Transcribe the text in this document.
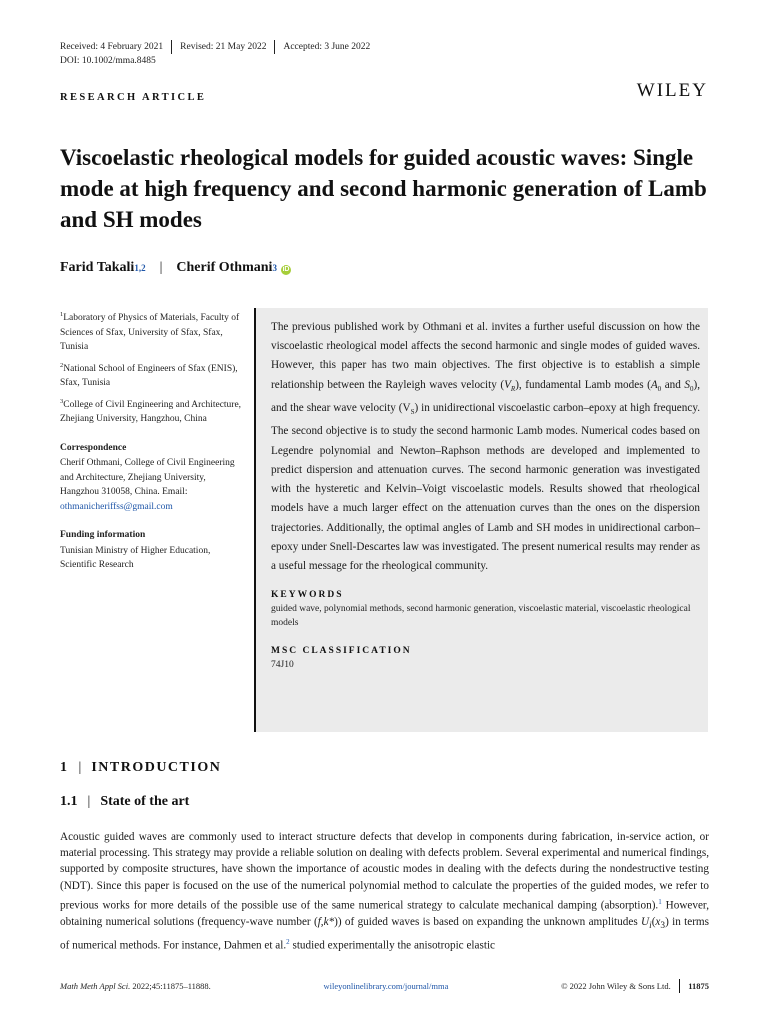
Received: 4 February 2021 Revised: 21 May 2022 Accepted: 3 June 2022
DOI: 10.1002/mma.8485
WILEY
RESEARCH ARTICLE
Viscoelastic rheological models for guided acoustic waves: Single mode at high frequency and second harmonic generation of Lamb and SH modes
Farid Takali 1,2 | Cherif Othmani 3 iD

$^1$Laboratory of Physics of Materials, Faculty of Sciences of Sfax, University of Sfax, Sfax, Tunisia

$^2$National School of Engineers of Sfax (ENIS), Sfax, Tunisia

$^3$College of Civil Engineering and Architecture, Zhejiang University, Hangzhou, China

Correspondence

Cherif Othmani, College of Civil Engineering and Architecture, Zhejiang University, Hangzhou 310058, China. Email: othmanicheriffss@gmail.com

Funding information

Tunisian Ministry of Higher Education, Scientific Research

The previous published work by Othmani et al. invites a further useful discussion on how the viscoelastic rheological model affects the second harmonic and single modes of guided waves. However, this paper has two main objectives. The first objective is to establish a simple relationship between the Rayleigh waves velocity $(V_R)$, fundamental Lamb modes ($A_0$ and $S_0$), and the shear wave velocity $(V_S)$ in unidirectional viscoelastic carbon–epoxy at high frequency. The second objective is to study the second harmonic Lamb modes. Numerical codes based on Legendre polynomial and Newton–Raphson methods are developed and implemented to predict dispersion and attenuation curves. The second harmonic generation was investigated with the hysteretic and Kelvin–Voigt viscoelastic models. Results showed that rheological models have a much larger effect on the attenuation curves than the ones on the dispersion trajectories. Additionally, the optimal angles of Lamb and SH modes in unidirectional carbon–epoxy under Snell-Descartes law was investigated. The present numerical results may render as a useful message for the rheological community.

KEYWORDS

guided wave, polynomial methods, second harmonic generation, viscoelastic material, viscoelastic rheological models

MSC CLASSIFICATION

74J10

1 | INTRODUCTION
1.1 | State of the art

Acoustic guided waves are commonly used to interact structure defects that develop in components during fabrication, in-service action, or material processing. This strategy may provide a reliable solution on dealing with defects problem. Several experimental and numerical findings, supported by composite structures, have shown the importance of acoustic modes in dealing with the defects during the nondestructive testing (NDT). Since this paper is focused on the use of the numerical polynomial method to calculate the properties of the guided modes, we refer to previous works for more details of the possible use of the same numerical strategy to calculate mechanical damping (absorption).$^1$ However, obtaining numerical solutions (frequency-wave number (f,k*)) of guided waves is based on expanding the unknown amplitudes $U_i(x_3)$ in terms of numerical methods. For instance, Dahmen et al.$^2$ studied experimentally the anisotropic elastic

Math Meth Appl Sci. 2022;45:11875–11888.	wileyonlinelibrary.com/journal/mma	© 2022 John Wiley & Sons Ltd. 11875
